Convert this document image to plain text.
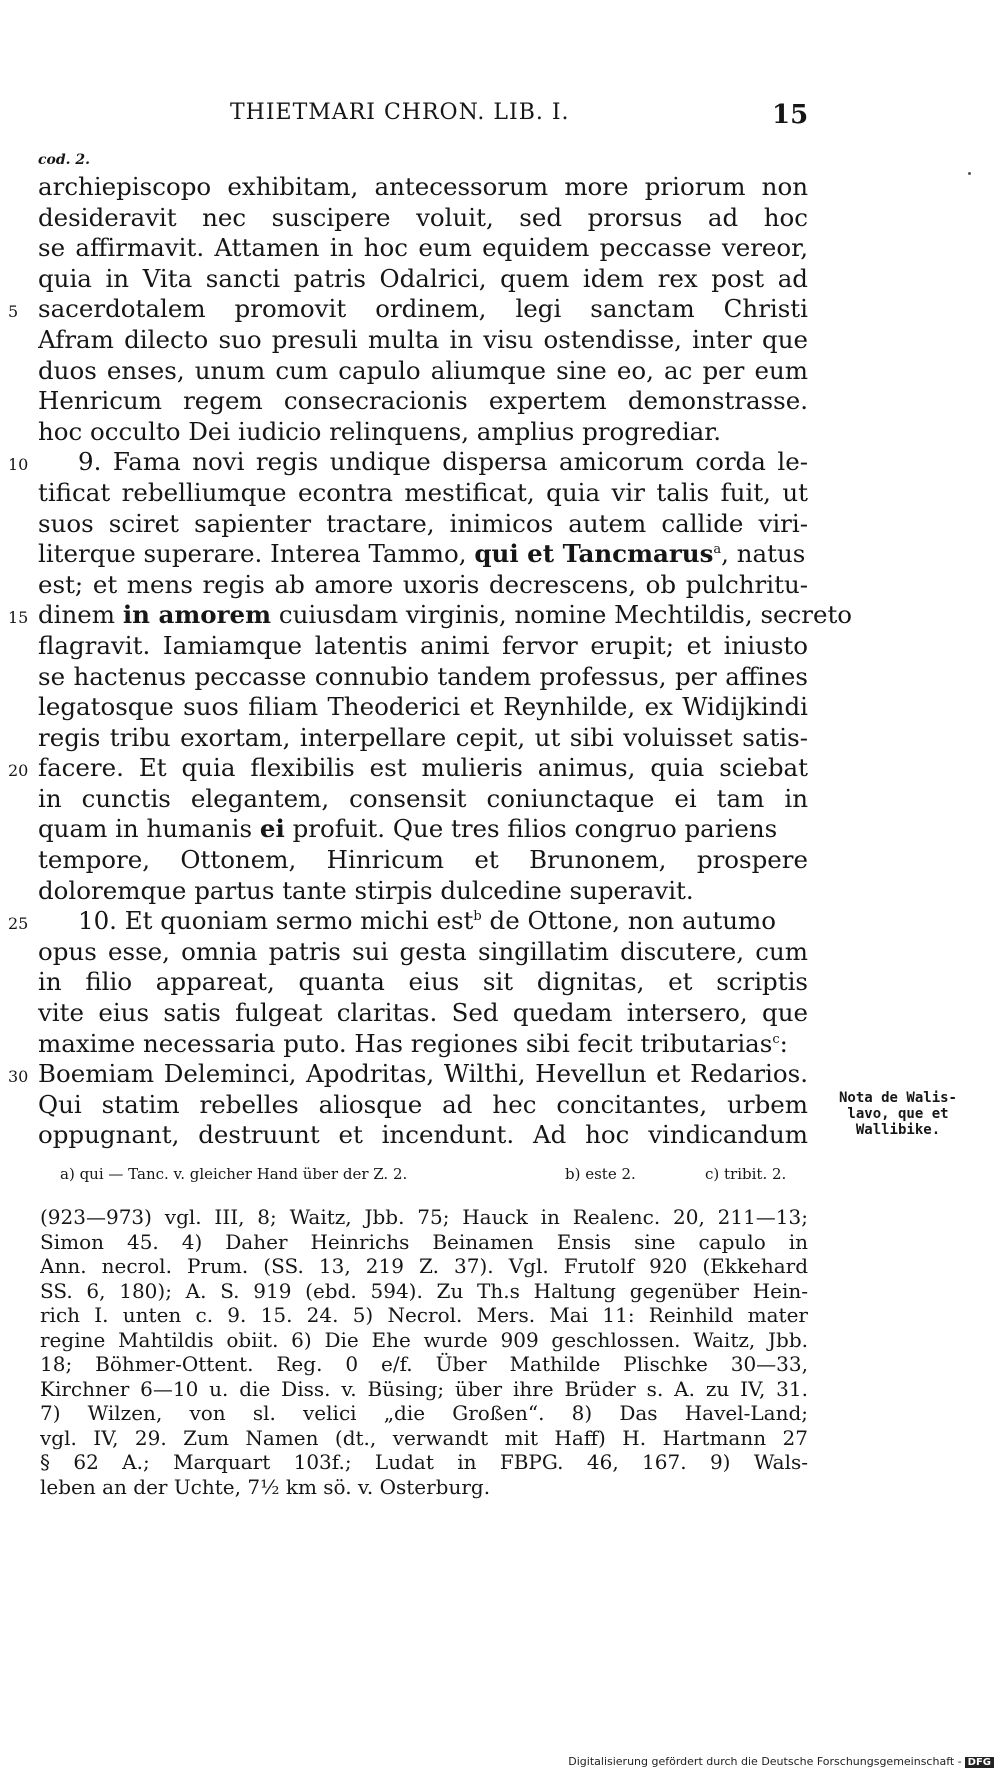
THIETMARI CHRON. LIB. I.	15
cod. 2.
archiepiscopo exhibitam, antecessorum more priorum non
desideravit nec suscipere voluit, sed prorsus ad hoc
se affirmavit. Attamen in hoc eum equidem peccasse vereor,
quia in Vita sancti patris Odalrici, quem idem rex post ad
sacerdotalem promovit ordinem, legi sanctam Christi
Afram dilecto suo presuli multa in visu ostendisse, inter que
duos enses, unum cum capulo aliumque sine eo, ac per eum
Henricum regem consecracionis expertem demonstrasse.
hoc occulto Dei iudicio relinquens, amplius progrediar.
9. Fama novi regis undique dispersa amicorum corda le-
tificat rebelliumque econtra mestificat, quia vir talis fuit, ut
suos sciret sapienter tractare, inimicos autem callide viri-
literque superare. Interea Tammo, qui et Tancmarus$^a$, natus
est; et mens regis ab amore uxoris decrescens, ob pulchritu-
dinem in amorem cuiusdam virginis, nomine Mechtildis, secreto
flagravit. Iamiamque latentis animi fervor erupit; et iniusto
se hactenus peccasse connubio tandem professus, per affines
legatosque suos filiam Theoderici et Reynhilde, ex Widijkindi
regis tribu exortam, interpellare cepit, ut sibi voluisset satis-
facere. Et quia flexibilis est mulieris animus, quia sciebat
in cunctis elegantem, consensit coniunctaque ei tam in
quam in humanis ei profuit. Que tres filios congruo pariens
tempore, Ottonem, Hinricum et Brunonem, prospere
doloremque partus tante stirpis dulcedine superavit.
10. Et quoniam sermo michi est$^b$ de Ottone, non autumo
opus esse, omnia patris sui gesta singillatim discutere, cum
in filio appareat, quanta eius sit dignitas, et scriptis
vite eius satis fulgeat claritas. Sed quedam intersero, que
maxime necessaria puto. Has regiones sibi fecit tributarias$^c$:
Boemiam Deleminci, Apodritas, Wilthi, Hevellun et Redarios.
Qui statim rebelles aliosque ad hec concitantes, urbem
oppugnant, destruunt et incendunt. Ad hoc vindicandum
5
10
15
20
25
30
Nota de Walis-
lavo, que et
Wallibike.
a) qui — Tanc. v. gleicher Hand über der Z. 2.	b) este 2.	c) tribit. 2.
(923—973) vgl. III, 8; Waitz, Jbb. 75; Hauck in Realenc. 20, 211—13;
Simon 45. 4) Daher Heinrichs Beinamen Ensis sine capulo in
Ann. necrol. Prum. (SS. 13, 219 Z. 37). Vgl. Frutolf 920 (Ekkehard
SS. 6, 180); A. S. 919 (ebd. 594). Zu Th.s Haltung gegenüber Hein-
rich I. unten c. 9. 15. 24. 5) Necrol. Mers. Mai 11: Reinhild mater
regine Mahtildis obiit. 6) Die Ehe wurde 909 geschlossen. Waitz, Jbb.
18; Böhmer-Ottent. Reg. 0 e/f. Über Mathilde Plischke 30—33,
Kirchner 6—10 u. die Diss. v. Büsing; über ihre Brüder s. A. zu IV, 31.
7) Wilzen, von sl. velici „die Großen“. 8) Das Havel-Land;
vgl. IV, 29. Zum Namen (dt., verwandt mit Haff) H. Hartmann 27
§ 62 A.; Marquart 103f.; Ludat in FBPG. 46, 167. 9) Wals-
leben an der Uchte, 7½ km sö. v. Osterburg.
Digitalisierung gefördert durch die Deutsche Forschungsgemeinschaft - DFG
